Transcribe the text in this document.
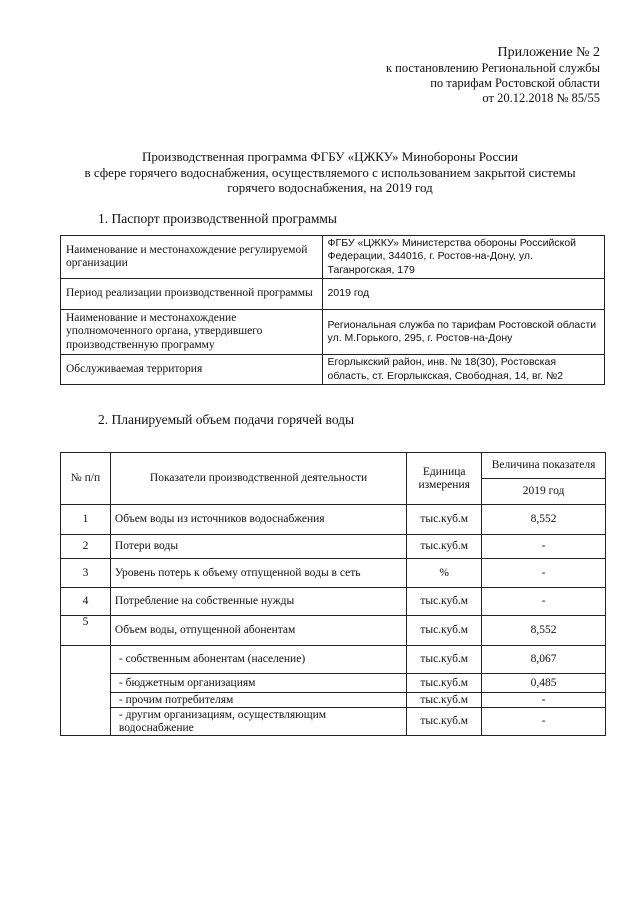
Приложение № 2
к постановлению Региональной службы
по тарифам Ростовской области
от 20.12.2018 № 85/55
Производственная программа ФГБУ «ЦЖКУ» Минобороны России
в сфере горячего водоснабжения, осуществляемого с использованием закрытой системы
горячего водоснабжения, на 2019 год
1. Паспорт производственной программы
Наименование и местонахождение регулируемой организации	ФГБУ «ЦЖКУ» Министерства обороны Российской Федерации, 344016, г. Ростов-на-Дону, ул. Таганрогская, 179
Период реализации производственной программы	2019 год
Наименование и местонахождение уполномоченного органа, утвердившего производственную программу	Региональная служба по тарифам Ростовской области ул. М.Горького, 295, г. Ростов-на-Дону
Обслуживаемая территория	Егорлыкский район, инв. № 18(30), Ростовская область, ст. Егорлыкская, Свободная, 14, вг. №2
2. Планируемый объем подачи горячей воды
№ п/п	Показатели производственной деятельности	Единица измерения	Величина показателя
			2019 год
1	Объем воды из источников водоснабжения	тыс.куб.м	8,552
2	Потери воды	тыс.куб.м	-
3	Уровень потерь к объему отпущенной воды в сеть	%	-
4	Потребление на собственные нужды	тыс.куб.м	-
5	Объем воды, отпущенной абонентам	тыс.куб.м	8,552
	- собственным абонентам (население)	тыс.куб.м	8,067
	- бюджетным организациям	тыс.куб.м	0,485
	- прочим потребителям	тыс.куб.м	-
	- другим организациям, осуществляющим водоснабжение	тыс.куб.м	-
